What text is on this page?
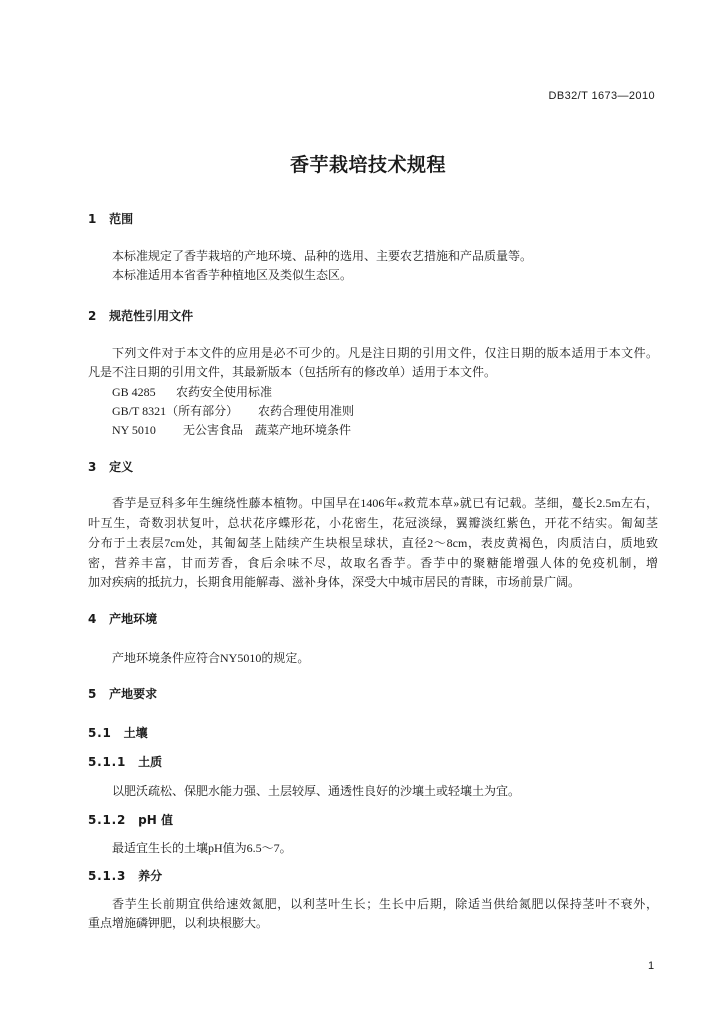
DB32/T 1673—2010
香芋栽培技术规程
1 范围
本标准规定了香芋栽培的产地环境、品种的选用、主要农艺措施和产品质量等。
本标准适用本省香芋种植地区及类似生态区。
2 规范性引用文件
下列文件对于本文件的应用是必不可少的。凡是注日期的引用文件，仅注日期的版本适用于本文件。
凡是不注日期的引用文件，其最新版本（包括所有的修改单）适用于本文件。
GB 4285 农药安全使用标准
GB/T 8321（所有部分） 农药合理使用准则
NY 5010 无公害食品　蔬菜产地环境条件
3 定义
香芋是豆科多年生缠绕性藤本植物。中国早在1406年«救荒本草»就已有记载。茎细，蔓长2.5m左右，
叶互生，奇数羽状复叶，总状花序蝶形花，小花密生，花冠淡绿，翼瓣淡红紫色，开花不结实。匍匐茎
分布于土表层7cm处，其匍匐茎上陆续产生块根呈球状，直径2～8cm，表皮黄褐色，肉质洁白，质地致
密，营养丰富，甘而芳香，食后余味不尽，故取名香芋。香芋中的聚糖能增强人体的免疫机制，增
加对疾病的抵抗力，长期食用能解毒、滋补身体，深受大中城市居民的青睐，市场前景广阔。
4 产地环境
产地环境条件应符合NY5010的规定。
5 产地要求
5.1 土壤
5.1.1 土质
以肥沃疏松、保肥水能力强、土层较厚、通透性良好的沙壤土或轻壤土为宜。
5.1.2 pH 值
最适宜生长的土壤pH值为6.5～7。
5.1.3 养分
香芋生长前期宜供给速效氮肥，以利茎叶生长；生长中后期，除适当供给氮肥以保持茎叶不衰外，
重点增施磷钾肥，以利块根膨大。
1
